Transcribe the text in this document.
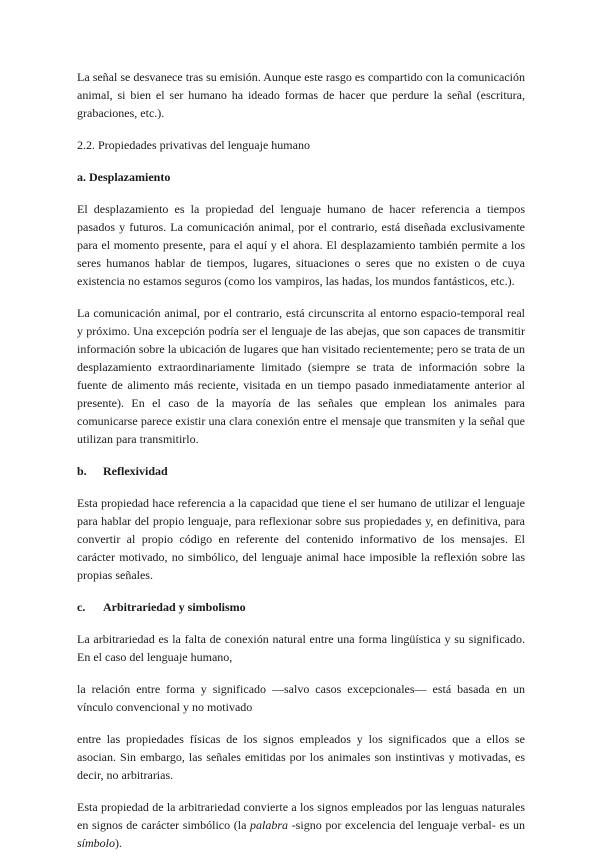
La señal se desvanece tras su emisión. Aunque este rasgo es compartido con la comunicación animal, si bien el ser humano ha ideado formas de hacer que perdure la señal (escritura, grabaciones, etc.).

2.2. Propiedades privativas del lenguaje humano

a. Desplazamiento

El desplazamiento es la propiedad del lenguaje humano de hacer referencia a tiempos pasados y futuros. La comunicación animal, por el contrario, está diseñada exclusivamente para el momento presente, para el aquí y el ahora. El desplazamiento también permite a los seres humanos hablar de tiempos, lugares, situaciones o seres que no existen o de cuya existencia no estamos seguros (como los vampiros, las hadas, los mundos fantásticos, etc.).

La comunicación animal, por el contrario, está circunscrita al entorno espacio-temporal real y próximo. Una excepción podría ser el lenguaje de las abejas, que son capaces de transmitir información sobre la ubicación de lugares que han visitado recientemente; pero se trata de un desplazamiento extraordinariamente limitado (siempre se trata de información sobre la fuente de alimento más reciente, visitada en un tiempo pasado inmediatamente anterior al presente). En el caso de la mayoría de las señales que emplean los animales para comunicarse parece existir una clara conexión entre el mensaje que transmiten y la señal que utilizan para transmitirlo.

b. Reflexividad

Esta propiedad hace referencia a la capacidad que tiene el ser humano de utilizar el lenguaje para hablar del propio lenguaje, para reflexionar sobre sus propiedades y, en definitiva, para convertir al propio código en referente del contenido informativo de los mensajes. El carácter motivado, no simbólico, del lenguaje animal hace imposible la reflexión sobre las propias señales.

c. Arbitrariedad y simbolismo

La arbitrariedad es la falta de conexión natural entre una forma lingüística y su significado. En el caso del lenguaje humano,

la relación entre forma y significado —salvo casos excepcionales— está basada en un vínculo convencional y no motivado

entre las propiedades físicas de los signos empleados y los significados que a ellos se asocian. Sin embargo, las señales emitidas por los animales son instintivas y motivadas, es decir, no arbitrarias.

Esta propiedad de la arbitrariedad convierte a los signos empleados por las lenguas naturales en signos de carácter simbólico (la palabra -signo por excelencia del lenguaje verbal- es un símbolo).
